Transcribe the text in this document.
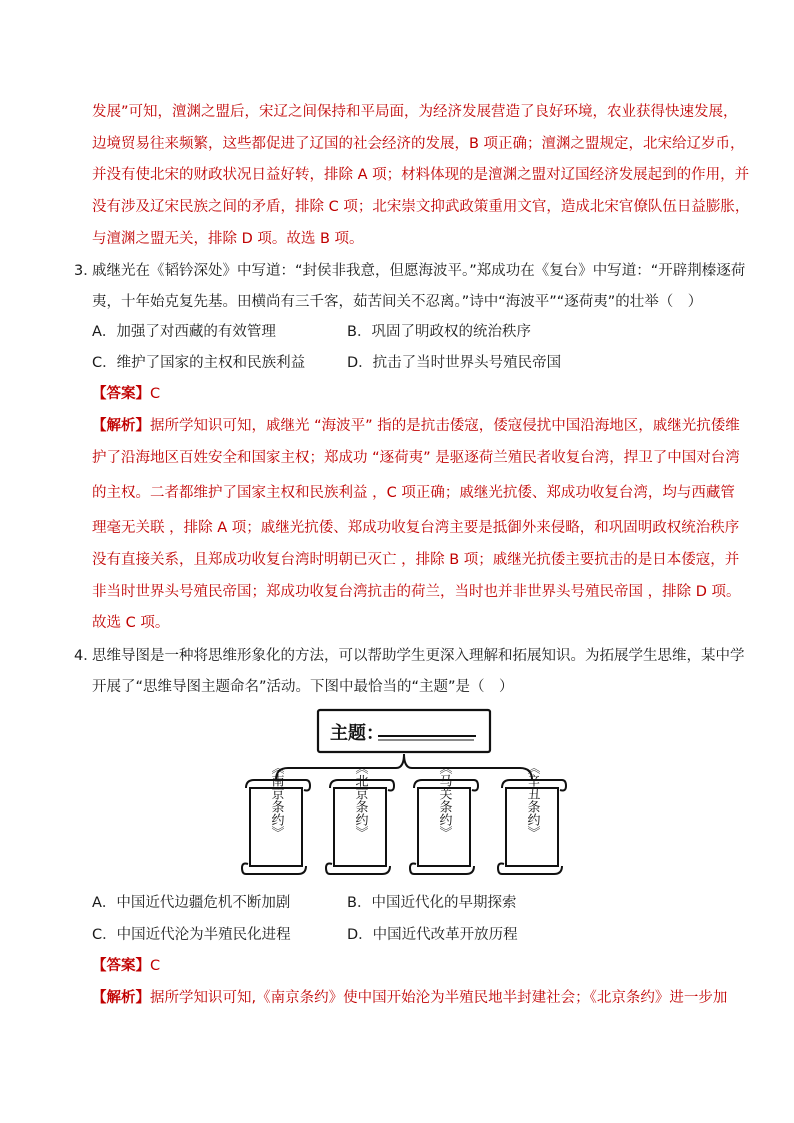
发展”可知，澶渊之盟后，宋辽之间保持和平局面，为经济发展营造了良好环境，农业获得快速发展，
边境贸易往来频繁，这些都促进了辽国的社会经济的发展，B 项正确；澶渊之盟规定，北宋给辽岁币，
并没有使北宋的财政状况日益好转，排除 A 项；材料体现的是澶渊之盟对辽国经济发展起到的作用，并
没有涉及辽宋民族之间的矛盾，排除 C 项；北宋崇文抑武政策重用文官，造成北宋官僚队伍日益膨胀，
与澶渊之盟无关，排除 D 项。故选 B 项。
3．
戚继光在《韬钤深处》中写道：“封侯非我意，但愿海波平。”郑成功在《复台》中写道：“开辟荆榛逐荷
夷，十年始克复先基。田横尚有三千客，茹苦间关不忍离。”诗中“海波平”“逐荷夷”的壮举（　）
A．加强了对西藏的有效管理	B．巩固了明政权的统治秩序
C．维护了国家的主权和民族利益	D．抗击了当时世界头号殖民帝国
【答案】C
【解析】据所学知识可知，戚继光 “海波平” 指的是抗击倭寇，倭寇侵扰中国沿海地区，戚继光抗倭维
护了沿海地区百姓安全和国家主权；郑成功 “逐荷夷” 是驱逐荷兰殖民者收复台湾，捍卫了中国对台湾
的主权。二者都维护了国家主权和民族利益 ，C 项正确；戚继光抗倭、郑成功收复台湾，均与西藏管
理毫无关联 ，排除 A 项；戚继光抗倭、郑成功收复台湾主要是抵御外来侵略，和巩固明政权统治秩序
没有直接关系，且郑成功收复台湾时明朝已灭亡 ，排除 B 项；戚继光抗倭主要抗击的是日本倭寇，并
非当时世界头号殖民帝国；郑成功收复台湾抗击的荷兰，当时也并非世界头号殖民帝国 ，排除 D 项。
故选 C 项。
4．
思维导图是一种将思维形象化的方法，可以帮助学生更深入理解和拓展知识。为拓展学生思维，某中学
开展了“思维导图主题命名”活动。下图中最恰当的“主题”是（　）
主题：
《南京条约》	《北京条约》	《马关条约》	《辛丑条约》
A．中国近代边疆危机不断加剧	B．中国近代化的早期探索
C．中国近代沦为半殖民化进程	D．中国近代改革开放历程
【答案】C
【解析】据所学知识可知,《南京条约》使中国开始沦为半殖民地半封建社会；《北京条约》进一步加
